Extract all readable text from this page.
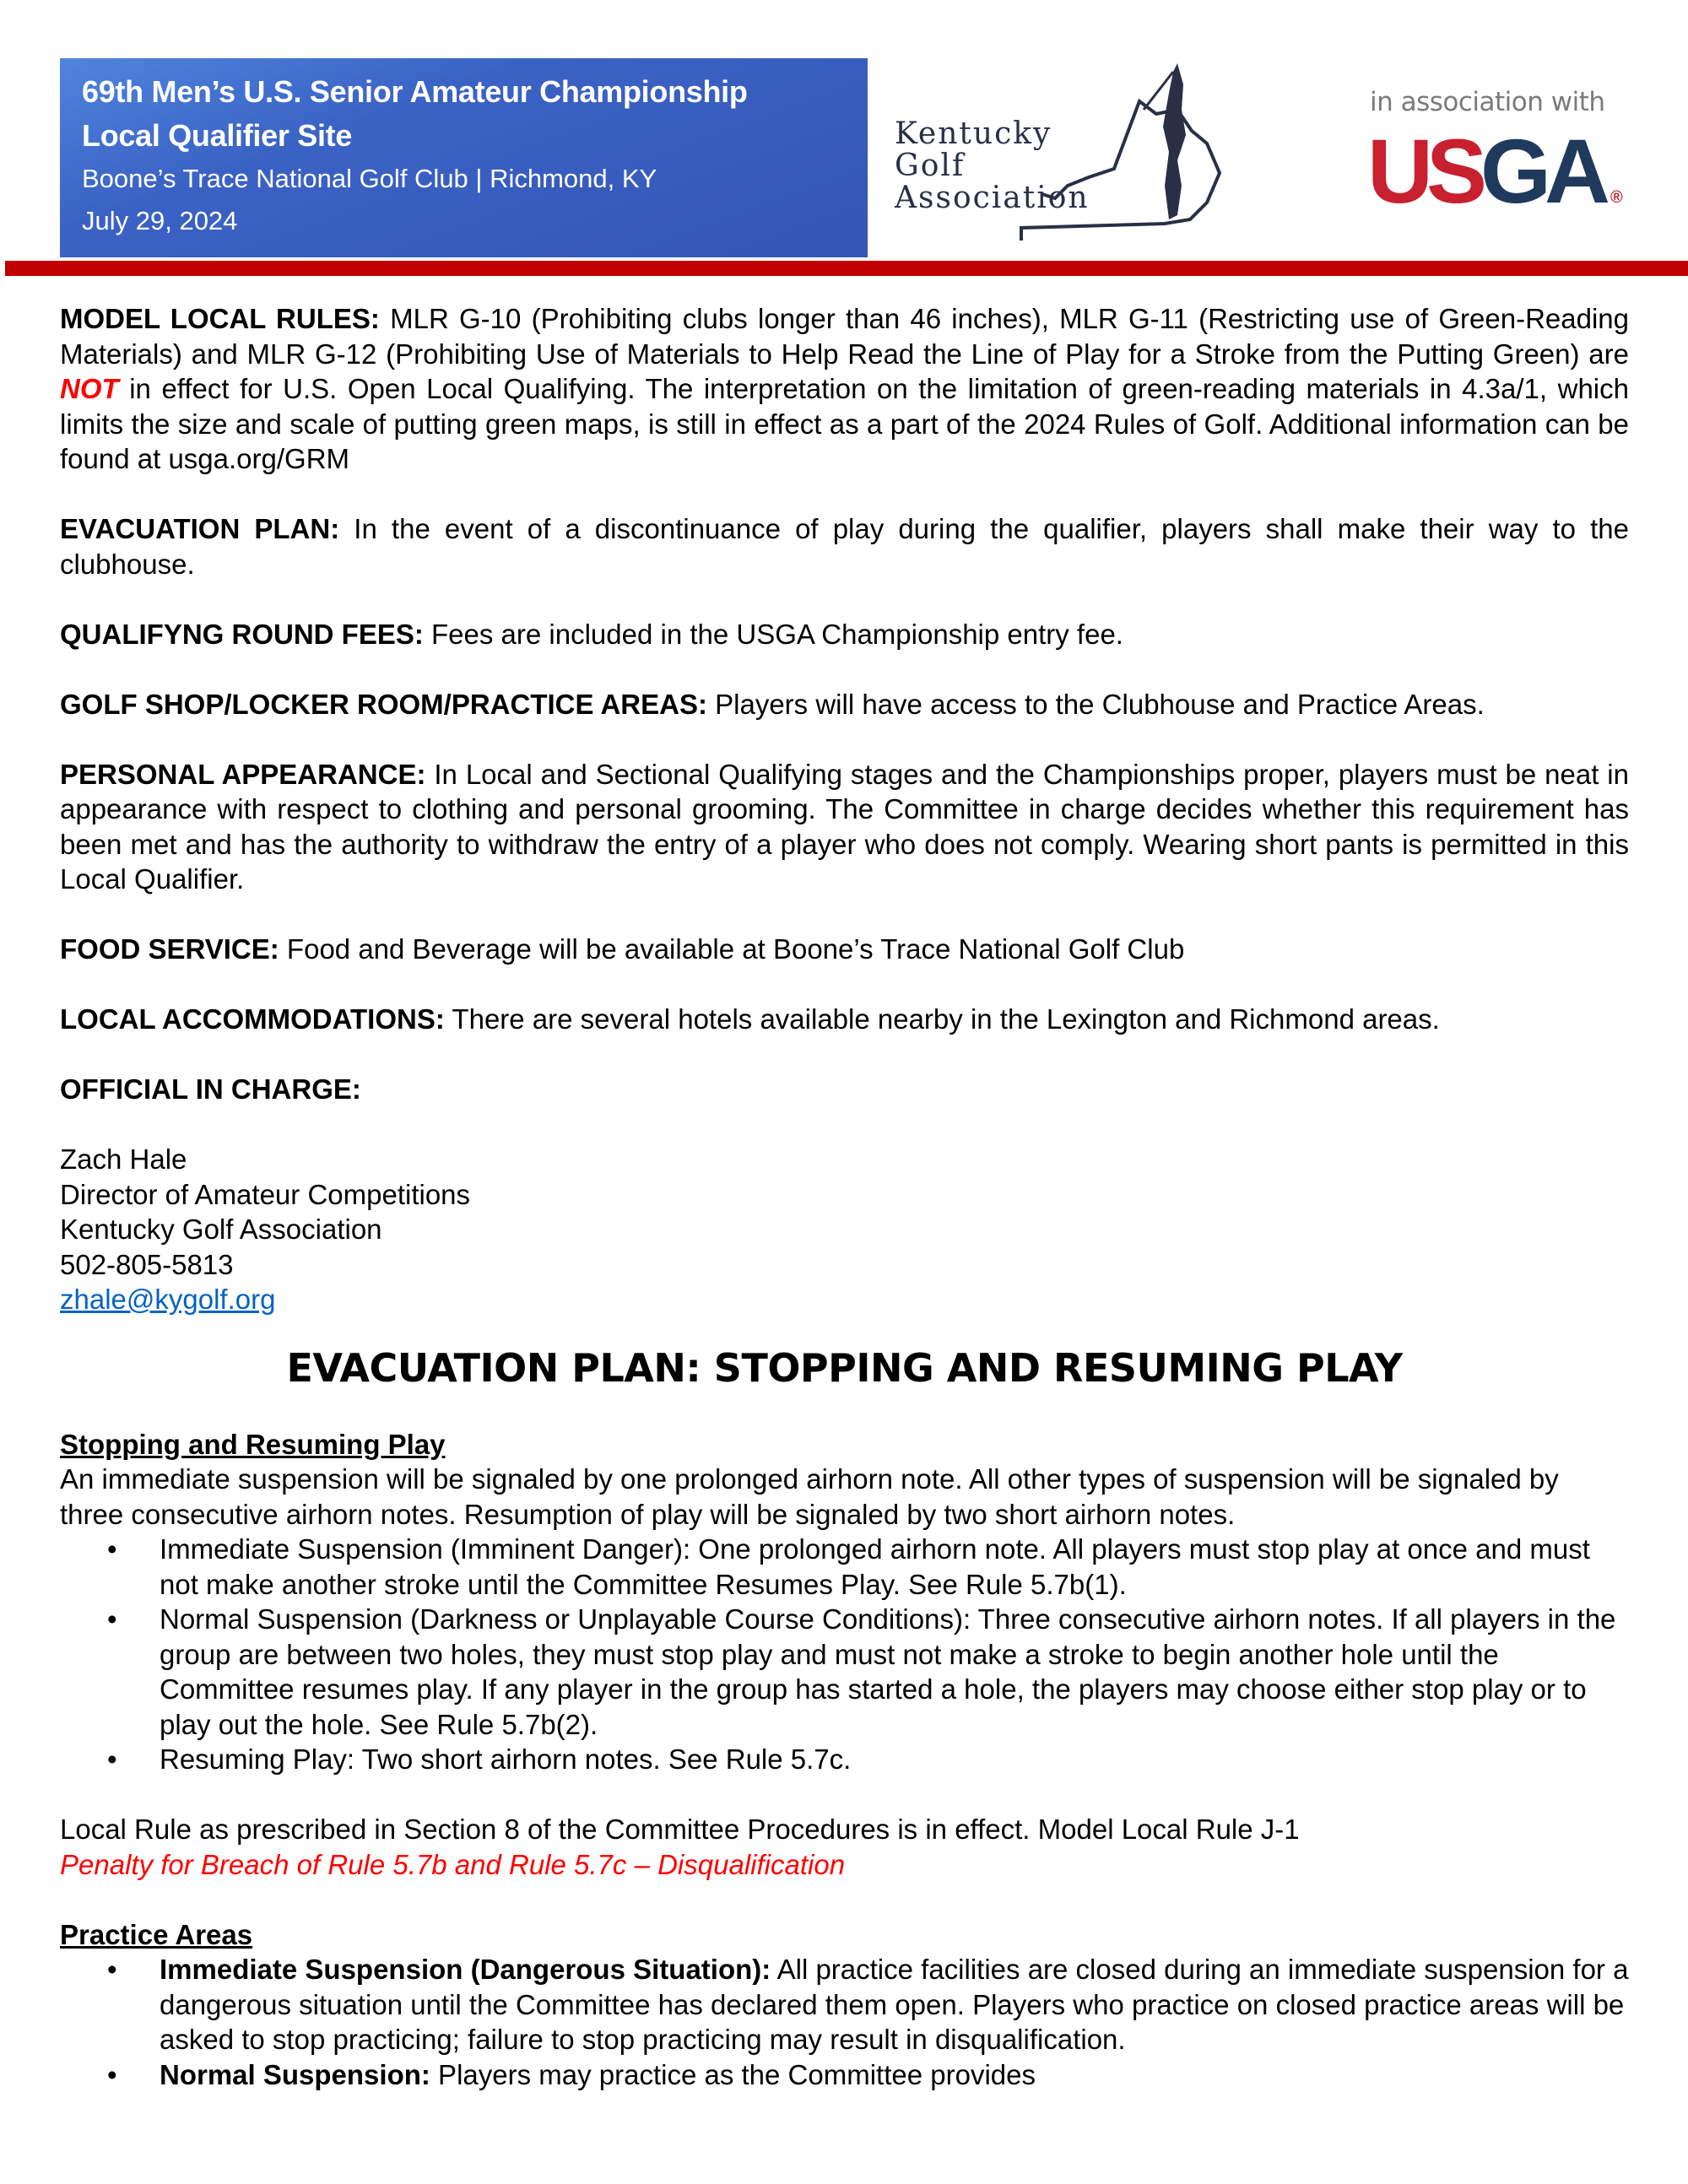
69th Men’s U.S. Senior Amateur Championship
Local Qualifier Site
Boone’s Trace National Golf Club | Richmond, KY
July 29, 2024
Kentucky
Golf
Association
in association with
USGA ®

MODEL LOCAL RULES: MLR G-10 (Prohibiting clubs longer than 46 inches), MLR G-11 (Restricting use of Green-Reading Materials) and MLR G-12 (Prohibiting Use of Materials to Help Read the Line of Play for a Stroke from the Putting Green) are NOT in effect for U.S. Open Local Qualifying. The interpretation on the limitation of green-reading materials in 4.3a/1, which limits the size and scale of putting green maps, is still in effect as a part of the 2024 Rules of Golf. Additional information can be found at usga.org/GRM

EVACUATION PLAN: In the event of a discontinuance of play during the qualifier, players shall make their way to the clubhouse.

QUALIFYNG ROUND FEES: Fees are included in the USGA Championship entry fee.

GOLF SHOP/LOCKER ROOM/PRACTICE AREAS: Players will have access to the Clubhouse and Practice Areas.

PERSONAL APPEARANCE: In Local and Sectional Qualifying stages and the Championships proper, players must be neat in appearance with respect to clothing and personal grooming. The Committee in charge decides whether this requirement has been met and has the authority to withdraw the entry of a player who does not comply. Wearing short pants is permitted in this Local Qualifier.

FOOD SERVICE: Food and Beverage will be available at Boone’s Trace National Golf Club

LOCAL ACCOMMODATIONS: There are several hotels available nearby in the Lexington and Richmond areas.

OFFICIAL IN CHARGE:

Zach Hale
Director of Amateur Competitions
Kentucky Golf Association
502-805-5813
zhale@kygolf.org
EVACUATION PLAN: STOPPING AND RESUMING PLAY
Stopping and Resuming Play
An immediate suspension will be signaled by one prolonged airhorn note. All other types of suspension will be signaled by three consecutive airhorn notes. Resumption of play will be signaled by two short airhorn notes.
• Immediate Suspension (Imminent Danger): One prolonged airhorn note. All players must stop play at once and must not make another stroke until the Committee Resumes Play. See Rule 5.7b(1).
• Normal Suspension (Darkness or Unplayable Course Conditions): Three consecutive airhorn notes. If all players in the group are between two holes, they must stop play and must not make a stroke to begin another hole until the Committee resumes play. If any player in the group has started a hole, the players may choose either stop play or to play out the hole. See Rule 5.7b(2).
• Resuming Play: Two short airhorn notes. See Rule 5.7c.
Local Rule as prescribed in Section 8 of the Committee Procedures is in effect. Model Local Rule J-1
Penalty for Breach of Rule 5.7b and Rule 5.7c – Disqualification
Practice Areas
• Immediate Suspension (Dangerous Situation): All practice facilities are closed during an immediate suspension for a dangerous situation until the Committee has declared them open. Players who practice on closed practice areas will be asked to stop practicing; failure to stop practicing may result in disqualification.
• Normal Suspension: Players may practice as the Committee provides
